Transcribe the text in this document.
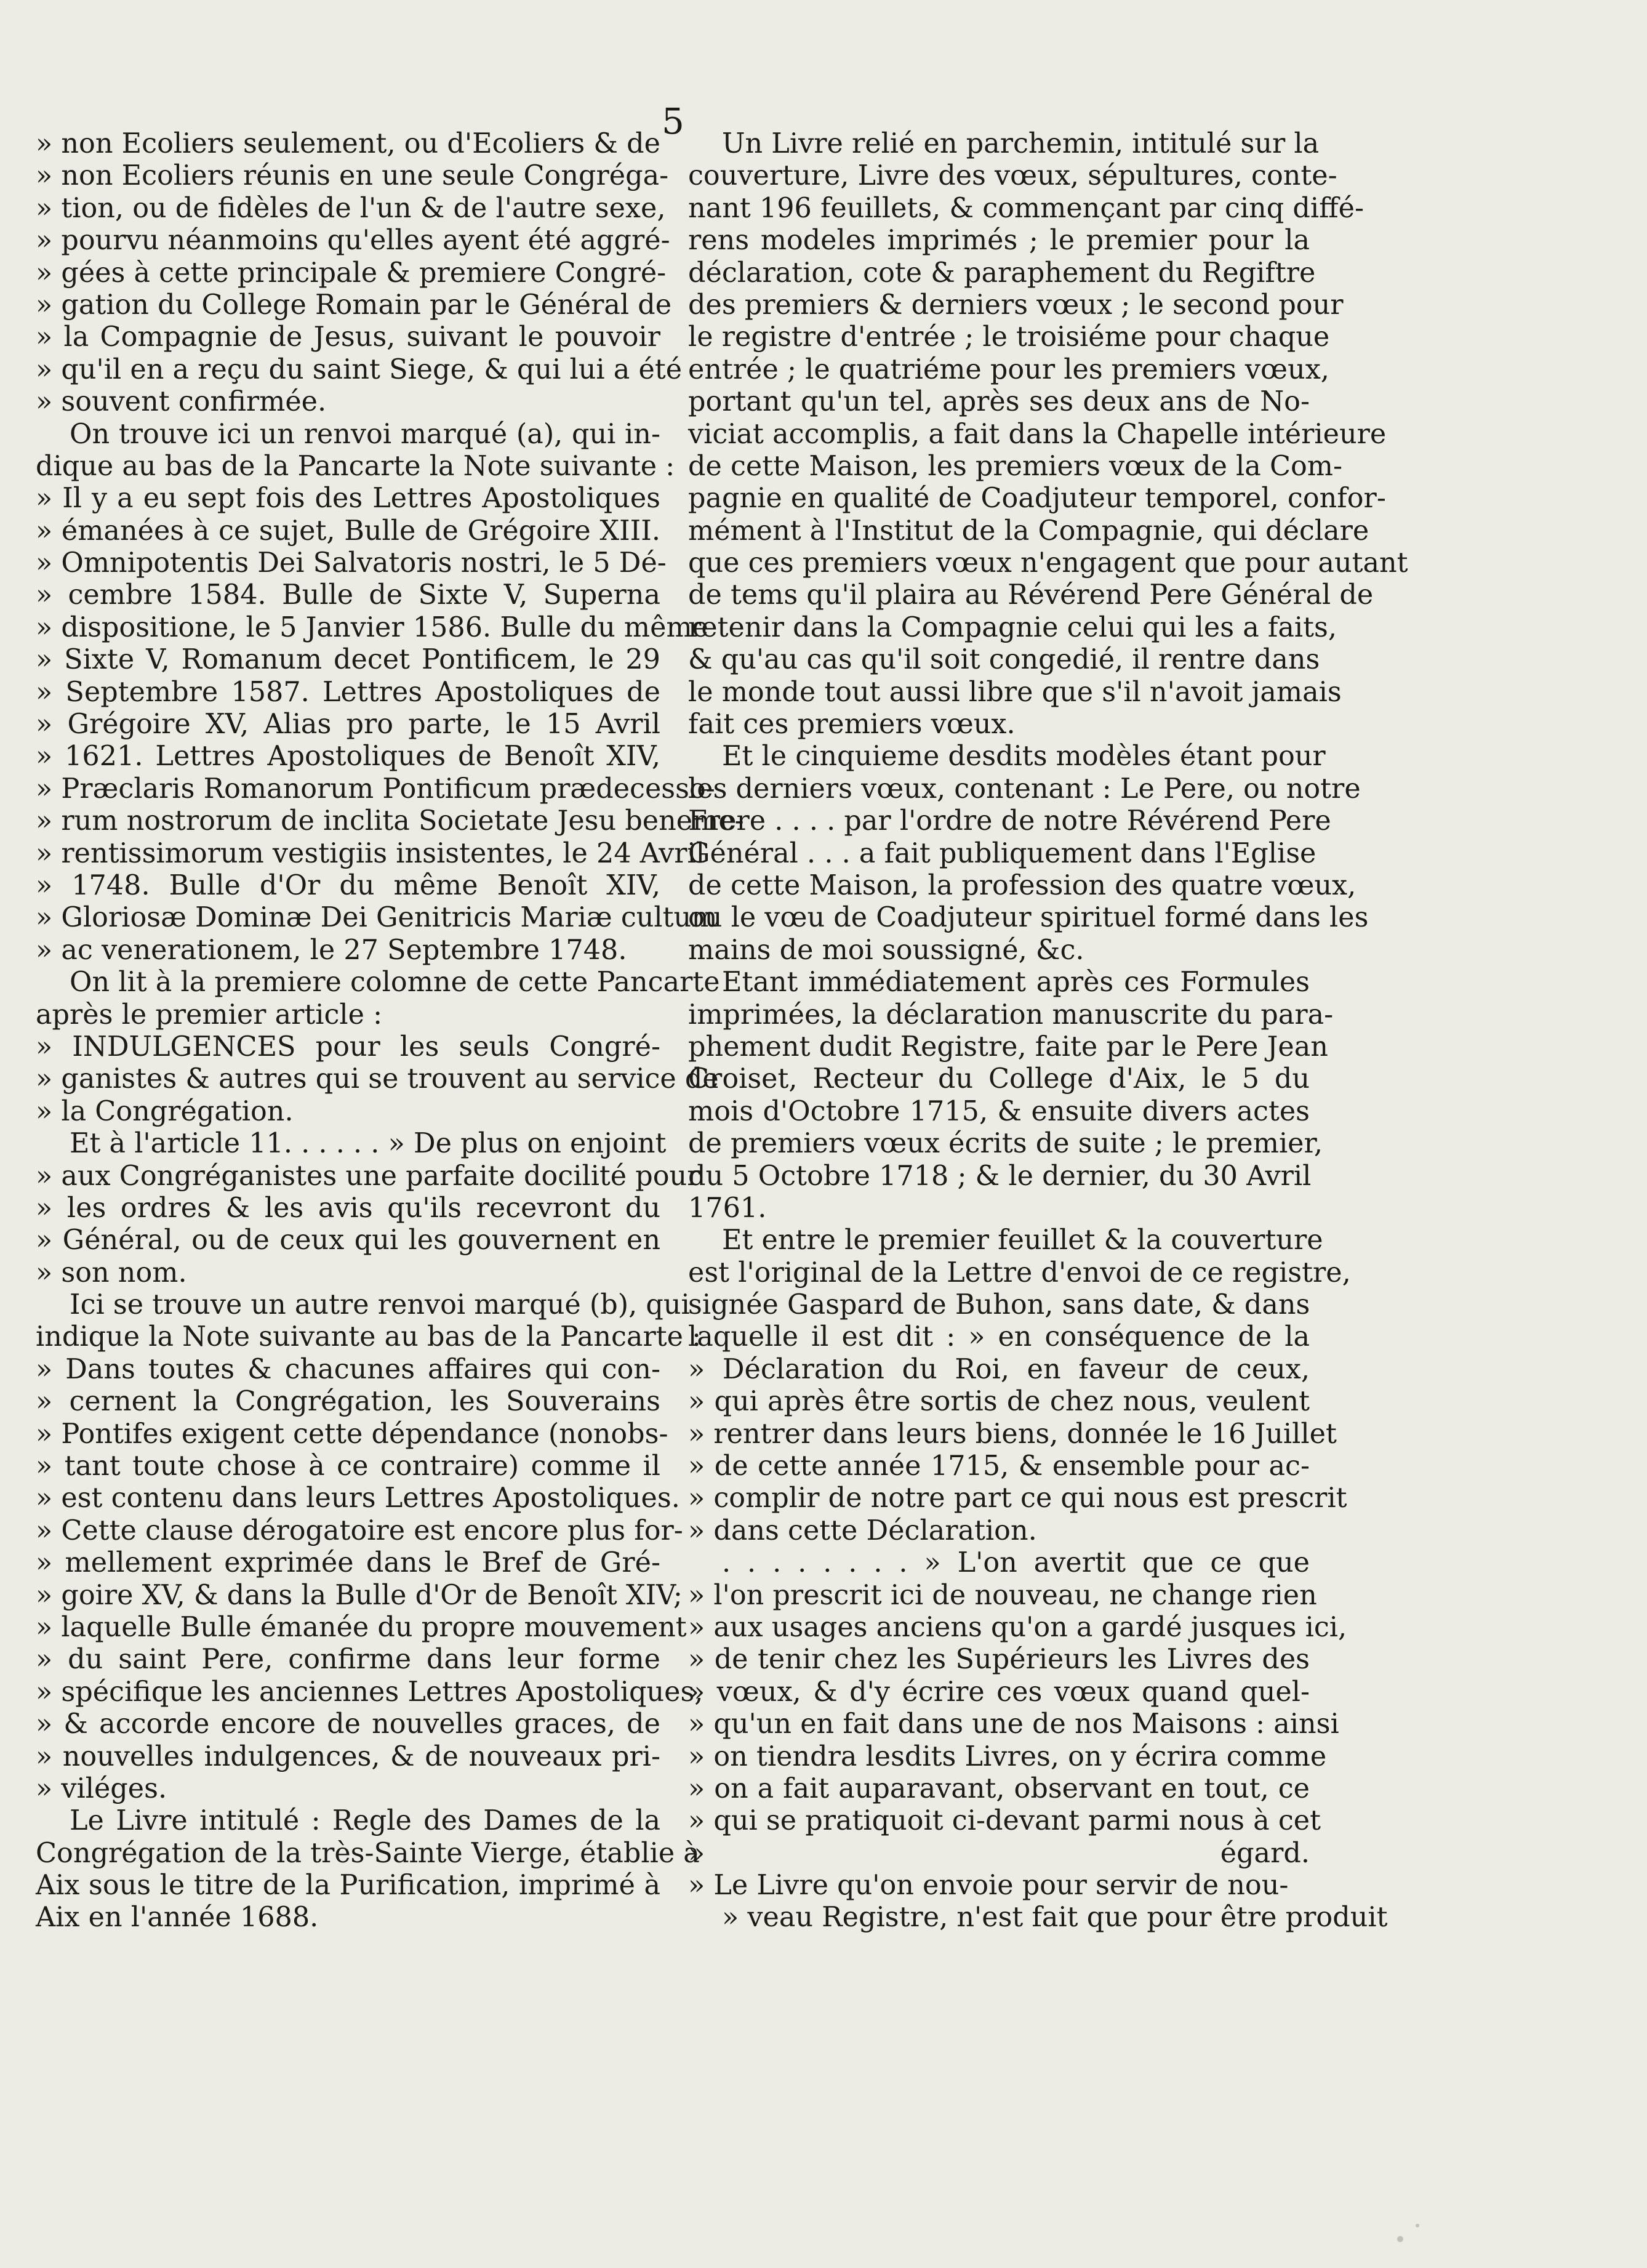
5
» non Ecoliers seulement, ou d'Ecoliers & de
» non Ecoliers réunis en une seule Congréga-
» tion, ou de fidèles de l'un & de l'autre sexe,
» pourvu néanmoins qu'elles ayent été aggré-
» gées à cette principale & premiere Congré-
» gation du College Romain par le Général de
» la Compagnie de Jesus, suivant le pouvoir
» qu'il en a reçu du saint Siege, & qui lui a été
» souvent confirmée.
On trouve ici un renvoi marqué (a), qui in-
dique au bas de la Pancarte la Note suivante :
» Il y a eu sept fois des Lettres Apostoliques
» émanées à ce sujet, Bulle de Grégoire XIII.
» Omnipotentis Dei Salvatoris nostri, le 5 Dé-
» cembre 1584. Bulle de Sixte V, Superna
» dispositione, le 5 Janvier 1586. Bulle du même
» Sixte V, Romanum decet Pontificem, le 29
» Septembre 1587. Lettres Apostoliques de
» Grégoire XV, Alias pro parte, le 15 Avril
» 1621. Lettres Apostoliques de Benoît XIV,
» Præclaris Romanorum Pontificum prædecesso-
» rum nostrorum de inclita Societate Jesu beneme-
» rentissimorum vestigiis insistentes, le 24 Avril
» 1748. Bulle d'Or du même Benoît XIV,
» Gloriosæ Dominæ Dei Genitricis Mariæ cultum
» ac venerationem, le 27 Septembre 1748.
On lit à la premiere colomne de cette Pancarte
après le premier article :
» INDULGENCES pour les seuls Congré-
» ganistes & autres qui se trouvent au service de
» la Congrégation.
Et à l'article 11. . . . . . » De plus on enjoint
» aux Congréganistes une parfaite docilité pour
» les ordres & les avis qu'ils recevront du
» Général, ou de ceux qui les gouvernent en
» son nom.
Ici se trouve un autre renvoi marqué (b), qui
indique la Note suivante au bas de la Pancarte :
» Dans toutes & chacunes affaires qui con-
» cernent la Congrégation, les Souverains
» Pontifes exigent cette dépendance (nonobs-
» tant toute chose à ce contraire) comme il
» est contenu dans leurs Lettres Apostoliques.
» Cette clause dérogatoire est encore plus for-
» mellement exprimée dans le Bref de Gré-
» goire XV, & dans la Bulle d'Or de Benoît XIV;
» laquelle Bulle émanée du propre mouvement
» du saint Pere, confirme dans leur forme
» spécifique les anciennes Lettres Apostoliques,
» & accorde encore de nouvelles graces, de
» nouvelles indulgences, & de nouveaux pri-
» viléges.
Le Livre intitulé : Regle des Dames de la
Congrégation de la très-Sainte Vierge, établie à
Aix sous le titre de la Purification, imprimé à
Aix en l'année 1688.
Un Livre relié en parchemin, intitulé sur la
couverture, Livre des vœux, sépultures, conte-
nant 196 feuillets, & commençant par cinq diffé-
rens modeles imprimés ; le premier pour la
déclaration, cote & paraphement du Regiftre
des premiers & derniers vœux ; le second pour
le registre d'entrée ; le troisiéme pour chaque
entrée ; le quatriéme pour les premiers vœux,
portant qu'un tel, après ses deux ans de No-
viciat accomplis, a fait dans la Chapelle intérieure
de cette Maison, les premiers vœux de la Com-
pagnie en qualité de Coadjuteur temporel, confor-
mément à l'Institut de la Compagnie, qui déclare
que ces premiers vœux n'engagent que pour autant
de tems qu'il plaira au Révérend Pere Général de
retenir dans la Compagnie celui qui les a faits,
& qu'au cas qu'il soit congedié, il rentre dans
le monde tout aussi libre que s'il n'avoit jamais
fait ces premiers vœux.
Et le cinquieme desdits modèles étant pour
les derniers vœux, contenant : Le Pere, ou notre
Frere . . . . par l'ordre de notre Révérend Pere
Général . . . a fait publiquement dans l'Eglise
de cette Maison, la profession des quatre vœux,
ou le vœu de Coadjuteur spirituel formé dans les
mains de moi soussigné, &c.
Etant immédiatement après ces Formules
imprimées, la déclaration manuscrite du para-
phement dudit Registre, faite par le Pere Jean
Croiset, Recteur du College d'Aix, le 5 du
mois d'Octobre 1715, & ensuite divers actes
de premiers vœux écrits de suite ; le premier,
du 5 Octobre 1718 ; & le dernier, du 30 Avril
1761.
Et entre le premier feuillet & la couverture
est l'original de la Lettre d'envoi de ce registre,
signée Gaspard de Buhon, sans date, & dans
laquelle il est dit : » en conséquence de la
» Déclaration du Roi, en faveur de ceux,
» qui après être sortis de chez nous, veulent
» rentrer dans leurs biens, donnée le 16 Juillet
» de cette année 1715, & ensemble pour ac-
» complir de notre part ce qui nous est prescrit
» dans cette Déclaration.
. . . . . . . . » L'on avertit que ce que
» l'on prescrit ici de nouveau, ne change rien
» aux usages anciens qu'on a gardé jusques ici,
» de tenir chez les Supérieurs les Livres des
» vœux, & d'y écrire ces vœux quand quel-
» qu'un en fait dans une de nos Maisons : ainsi
» on tiendra lesdits Livres, on y écrira comme
» on a fait auparavant, observant en tout, ce
» qui se pratiquoit ci-devant parmi nous à cet
» égard.
» Le Livre qu'on envoie pour servir de nou-
» veau Registre, n'est fait que pour être produit
